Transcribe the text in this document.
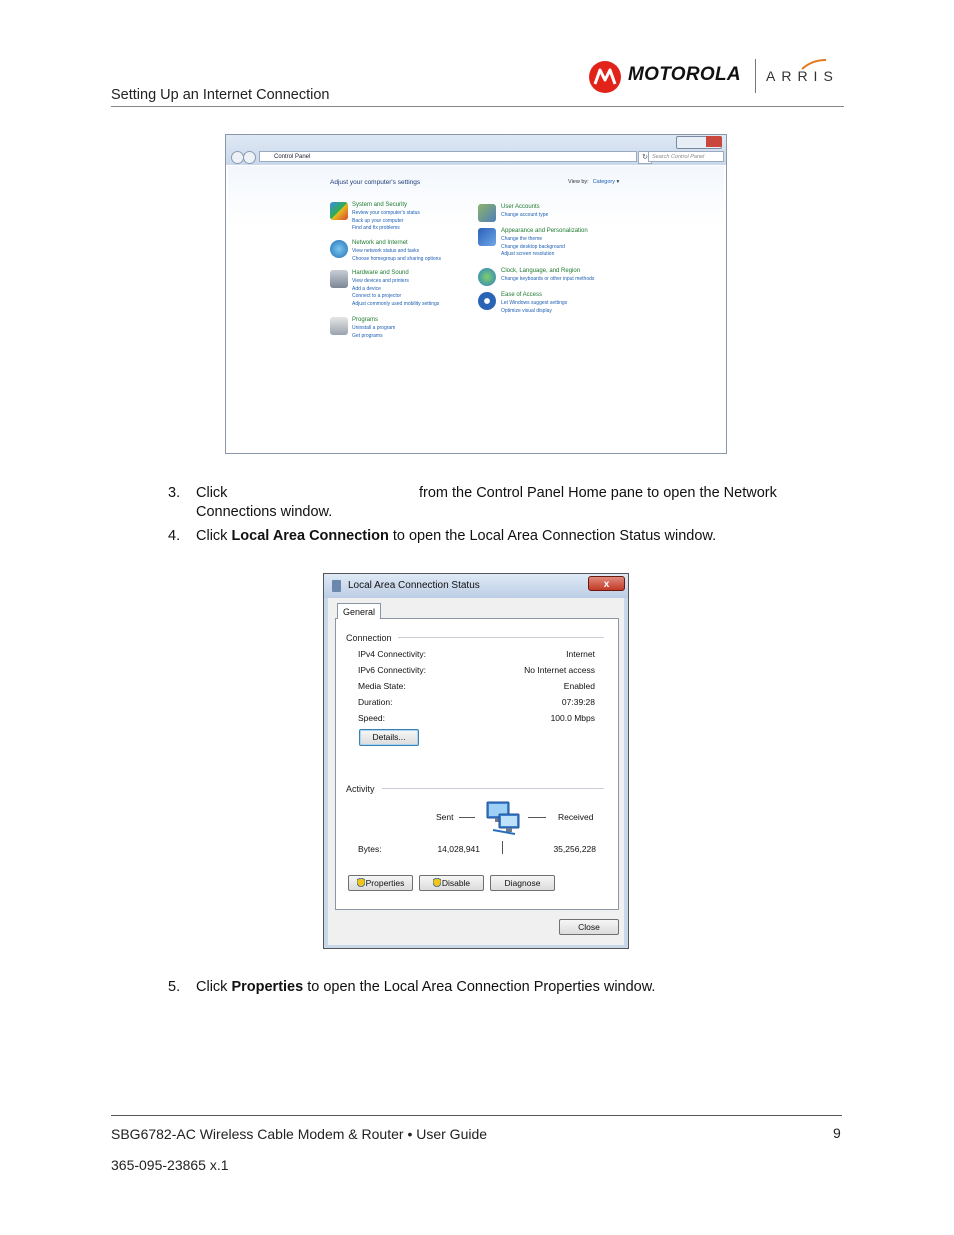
Setting Up an Internet Connection
MOTOROLA ARRIS
Control Panel	↻ Search Control Panel
Adjust your computer's settings	View by: Category ▾
System and Security
Review your computer's status
Back up your computer
Find and fix problems
Network and Internet
View network status and tasks
Choose homegroup and sharing options
Hardware and Sound
View devices and printers
Add a device
Connect to a projector
Adjust commonly used mobility settings
Programs
Uninstall a program
Get programs
User Accounts
Change account type
Appearance and Personalization
Change the theme
Change desktop background
Adjust screen resolution
Clock, Language, and Region
Change keyboards or other input methods
Ease of Access
Let Windows suggest settings
Optimize visual display
3. Click	from the Control Panel Home pane to open the Network
Connections window.
4. Click Local Area Connection to open the Local Area Connection Status window.
Local Area Connection Status	x
General
Connection
IPv4 Connectivity:	Internet
IPv6 Connectivity:	No Internet access
Media State:	Enabled
Duration:	07:39:28
Speed:	100.0 Mbps
Details...
Activity
Sent	Received
Bytes:	14,028,941	35,256,228
Properties	Disable	Diagnose
Close
5. Click Properties to open the Local Area Connection Properties window.
SBG6782-AC Wireless Cable Modem & Router • User Guide	9
365-095-23865 x.1
